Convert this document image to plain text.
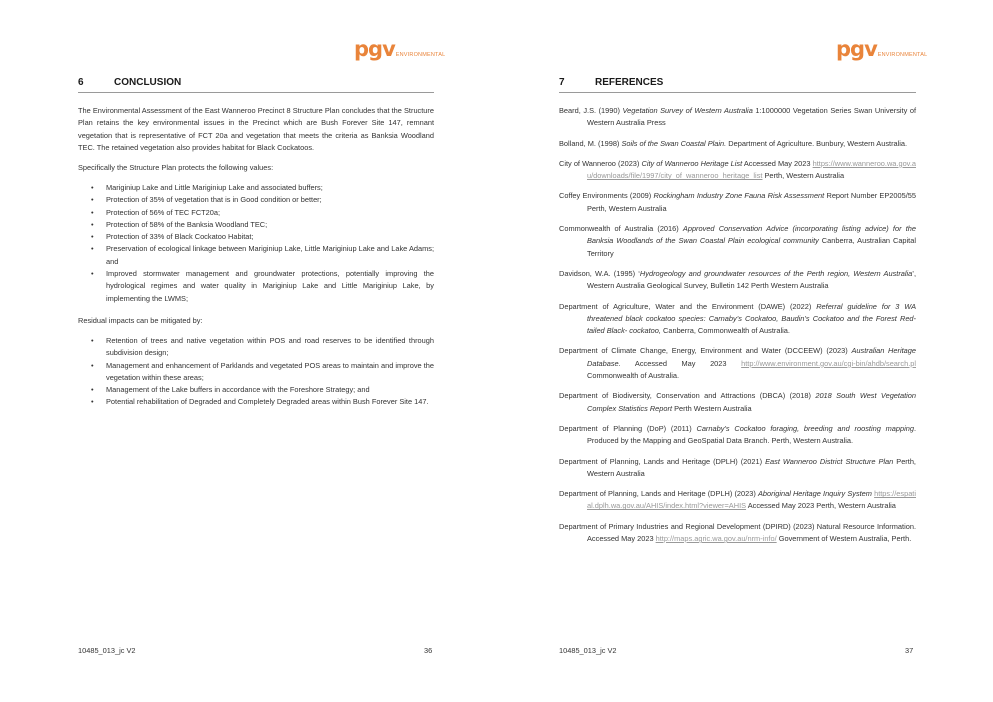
pgvENVIRONMENTAL
6	CONCLUSION

The Environmental Assessment of the East Wanneroo Precinct 8 Structure Plan concludes that the Structure Plan retains the key environmental issues in the Precinct which are Bush Forever Site 147, remnant vegetation that is representative of FCT 20a and vegetation that meets the criteria as Banksia Woodland TEC. The retained vegetation also provides habitat for Black Cockatoos.

Specifically the Structure Plan protects the following values:

• Mariginiup Lake and Little Mariginiup Lake and associated buffers;
• Protection of 35% of vegetation that is in Good condition or better;
• Protection of 56% of TEC FCT20a;
• Protection of 58% of the Banksia Woodland TEC;
• Protection of 33% of Black Cockatoo Habitat;
• Preservation of ecological linkage between Mariginiup Lake, Little Mariginiup Lake and Lake Adams; and
• Improved stormwater management and groundwater protections, potentially improving the hydrological regimes and water quality in Mariginiup Lake and Little Mariginiup Lake, by implementing the LWMS;

Residual impacts can be mitigated by:

• Retention of trees and native vegetation within POS and road reserves to be identified through subdivision design;
• Management and enhancement of Parklands and vegetated POS areas to maintain and improve the vegetation within these areas;
• Management of the Lake buffers in accordance with the Foreshore Strategy; and
• Potential rehabilitation of Degraded and Completely Degraded areas within Bush Forever Site 147.
10485_013_jc V2	36
pgvENVIRONMENTAL
7	REFERENCES

Beard, J.S. (1990) Vegetation Survey of Western Australia 1:1000000 Vegetation Series Swan University of Western Australia Press

Bolland, M. (1998) Soils of the Swan Coastal Plain. Department of Agriculture. Bunbury, Western Australia.

City of Wanneroo (2023) City of Wanneroo Heritage List Accessed May 2023 https://www.wanneroo.wa.gov.au/downloads/file/1997/city_of_wanneroo_heritage_list Perth, Western Australia

Coffey Environments (2009) Rockingham Industry Zone Fauna Risk Assessment Report Number EP2005/55 Perth, Western Australia

Commonwealth of Australia (2016) Approved Conservation Advice (incorporating listing advice) for the Banksia Woodlands of the Swan Coastal Plain ecological community Canberra, Australian Capital Territory

Davidson, W.A. (1995) ‘Hydrogeology and groundwater resources of the Perth region, Western Australia’, Western Australia Geological Survey, Bulletin 142 Perth Western Australia

Department of Agriculture, Water and the Environment (DAWE) (2022) Referral guideline for 3 WA threatened black cockatoo species: Carnaby’s Cockatoo, Baudin’s Cockatoo and the Forest Red-tailed Black- cockatoo, Canberra, Commonwealth of Australia.

Department of Climate Change, Energy, Environment and Water (DCCEEW) (2023) Australian Heritage Database. Accessed May 2023 http://www.environment.gov.au/cgi-bin/ahdb/search.pl Commonwealth of Australia.

Department of Biodiversity, Conservation and Attractions (DBCA) (2018) 2018 South West Vegetation Complex Statistics Report Perth Western Australia

Department of Planning (DoP) (2011) Carnaby’s Cockatoo foraging, breeding and roosting mapping. Produced by the Mapping and GeoSpatial Data Branch. Perth, Western Australia.

Department of Planning, Lands and Heritage (DPLH) (2021) East Wanneroo District Structure Plan Perth, Western Australia

Department of Planning, Lands and Heritage (DPLH) (2023) Aboriginal Heritage Inquiry System https://espatial.dplh.wa.gov.au/AHIS/index.html?viewer=AHIS Accessed May 2023 Perth, Western Australia

Department of Primary Industries and Regional Development (DPIRD) (2023) Natural Resource Information. Accessed May 2023 http://maps.agric.wa.gov.au/nrm-info/ Government of Western Australia, Perth.

10485_013_jc V2	37
